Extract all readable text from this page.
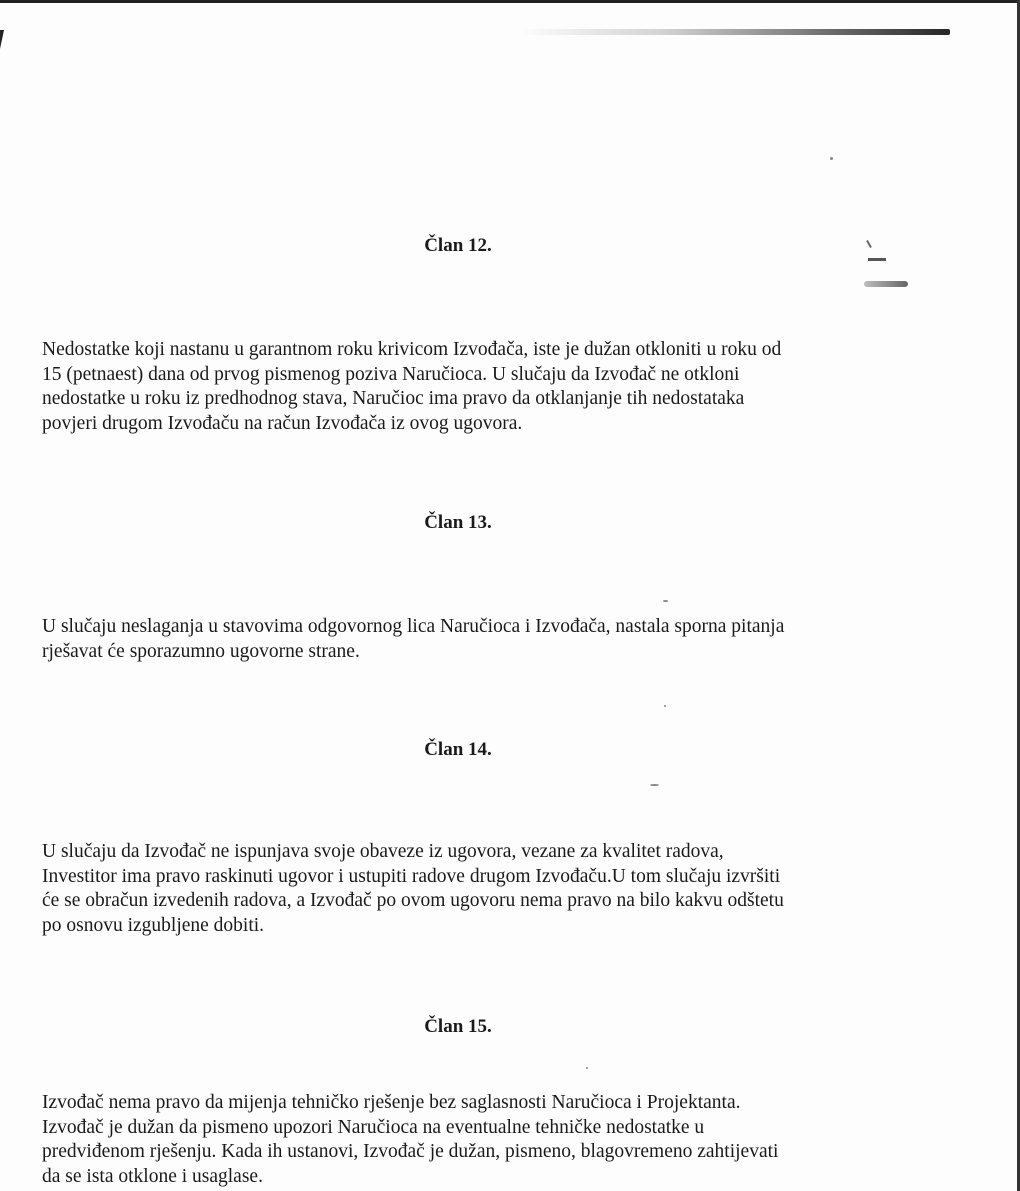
Član 12.

Nedostatke koji nastanu u garantnom roku krivicom Izvođača, iste je dužan otkloniti u roku od
15 (petnaest) dana od prvog pismenog poziva Naručioca. U slučaju da Izvođač ne otkloni
nedostatke u roku iz predhodnog stava, Naručioc ima pravo da otklanjanje tih nedostataka
povjeri drugom Izvođaču na račun Izvođača iz ovog ugovora.

Član 13.

U slučaju neslaganja u stavovima odgovornog lica Naručioca i Izvođača, nastala sporna pitanja
rješavat će sporazumno ugovorne strane.

Član 14.

U slučaju da Izvođač ne ispunjava svoje obaveze iz ugovora, vezane za kvalitet radova,
Investitor ima pravo raskinuti ugovor i ustupiti radove drugom Izvođaču.U tom slučaju izvršiti
će se obračun izvedenih radova, a Izvođač po ovom ugovoru nema pravo na bilo kakvu odštetu
po osnovu izgubljene dobiti.

Član 15.

Izvođač nema pravo da mijenja tehničko rješenje bez saglasnosti Naručioca i Projektanta.
Izvođač je dužan da pismeno upozori Naručioca na eventualne tehničke nedostatke u
predviđenom rješenju. Kada ih ustanovi, Izvođač je dužan, pismeno, blagovremeno zahtijevati
da se ista otklone i usaglase.
